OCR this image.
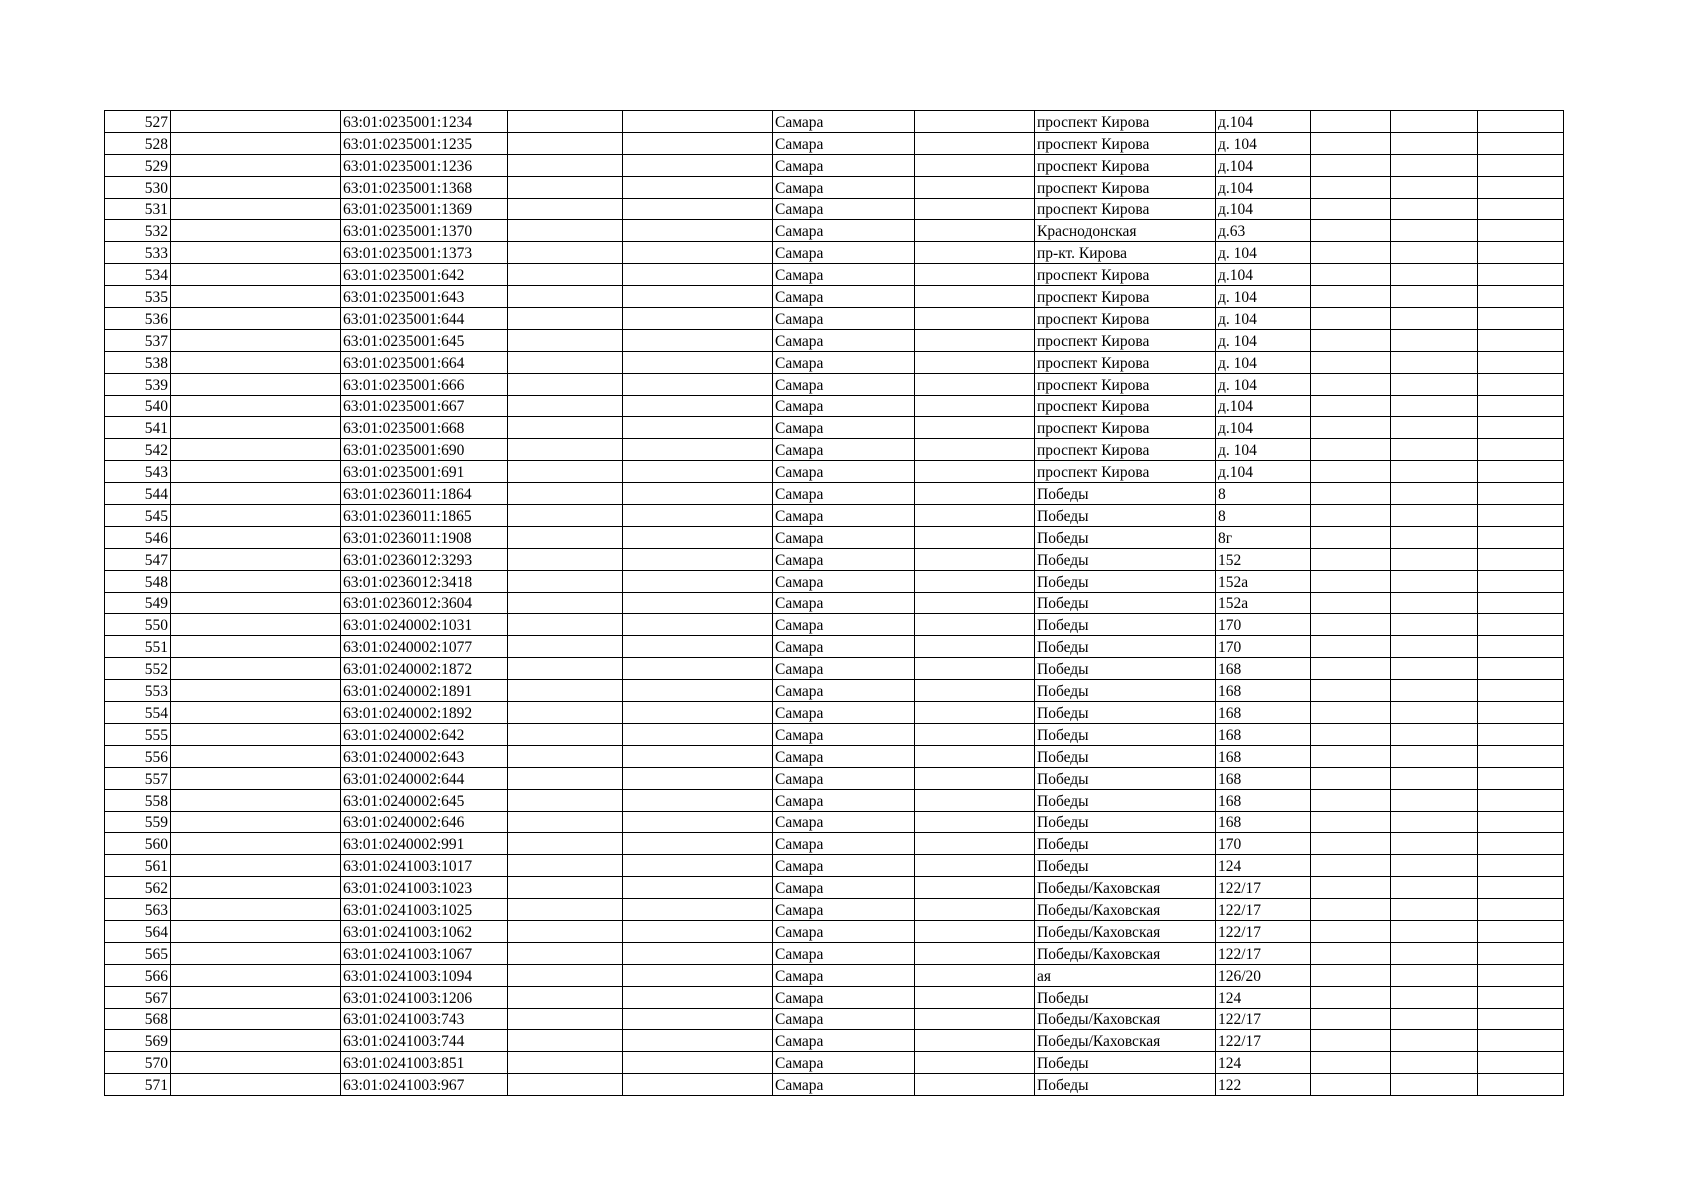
527		63:01:0235001:1234			Самара		проспект Кирова	д.104			
528		63:01:0235001:1235			Самара		проспект Кирова	д. 104			
529		63:01:0235001:1236			Самара		проспект Кирова	д.104			
530		63:01:0235001:1368			Самара		проспект Кирова	д.104			
531		63:01:0235001:1369			Самара		проспект Кирова	д.104			
532		63:01:0235001:1370			Самара		Краснодонская	д.63			
533		63:01:0235001:1373			Самара		пр-кт. Кирова	д. 104			
534		63:01:0235001:642			Самара		проспект Кирова	д.104			
535		63:01:0235001:643			Самара		проспект Кирова	д. 104			
536		63:01:0235001:644			Самара		проспект Кирова	д. 104			
537		63:01:0235001:645			Самара		проспект Кирова	д. 104			
538		63:01:0235001:664			Самара		проспект Кирова	д. 104			
539		63:01:0235001:666			Самара		проспект Кирова	д. 104			
540		63:01:0235001:667			Самара		проспект Кирова	д.104			
541		63:01:0235001:668			Самара		проспект Кирова	д.104			
542		63:01:0235001:690			Самара		проспект Кирова	д. 104			
543		63:01:0235001:691			Самара		проспект Кирова	д.104			
544		63:01:0236011:1864			Самара		Победы	8			
545		63:01:0236011:1865			Самара		Победы	8			
546		63:01:0236011:1908			Самара		Победы	8г			
547		63:01:0236012:3293			Самара		Победы	152			
548		63:01:0236012:3418			Самара		Победы	152а			
549		63:01:0236012:3604			Самара		Победы	152а			
550		63:01:0240002:1031			Самара		Победы	170			
551		63:01:0240002:1077			Самара		Победы	170			
552		63:01:0240002:1872			Самара		Победы	168			
553		63:01:0240002:1891			Самара		Победы	168			
554		63:01:0240002:1892			Самара		Победы	168			
555		63:01:0240002:642			Самара		Победы	168			
556		63:01:0240002:643			Самара		Победы	168			
557		63:01:0240002:644			Самара		Победы	168			
558		63:01:0240002:645			Самара		Победы	168			
559		63:01:0240002:646			Самара		Победы	168			
560		63:01:0240002:991			Самара		Победы	170			
561		63:01:0241003:1017			Самара		Победы	124			
562		63:01:0241003:1023			Самара		Победы/Каховская	122/17			
563		63:01:0241003:1025			Самара		Победы/Каховская	122/17			
564		63:01:0241003:1062			Самара		Победы/Каховская	122/17			
565		63:01:0241003:1067			Самара		Победы/Каховская	122/17			
566		63:01:0241003:1094			Самара		ая	126/20			
567		63:01:0241003:1206			Самара		Победы	124			
568		63:01:0241003:743			Самара		Победы/Каховская	122/17			
569		63:01:0241003:744			Самара		Победы/Каховская	122/17			
570		63:01:0241003:851			Самара		Победы	124			
571		63:01:0241003:967			Самара		Победы	122			
